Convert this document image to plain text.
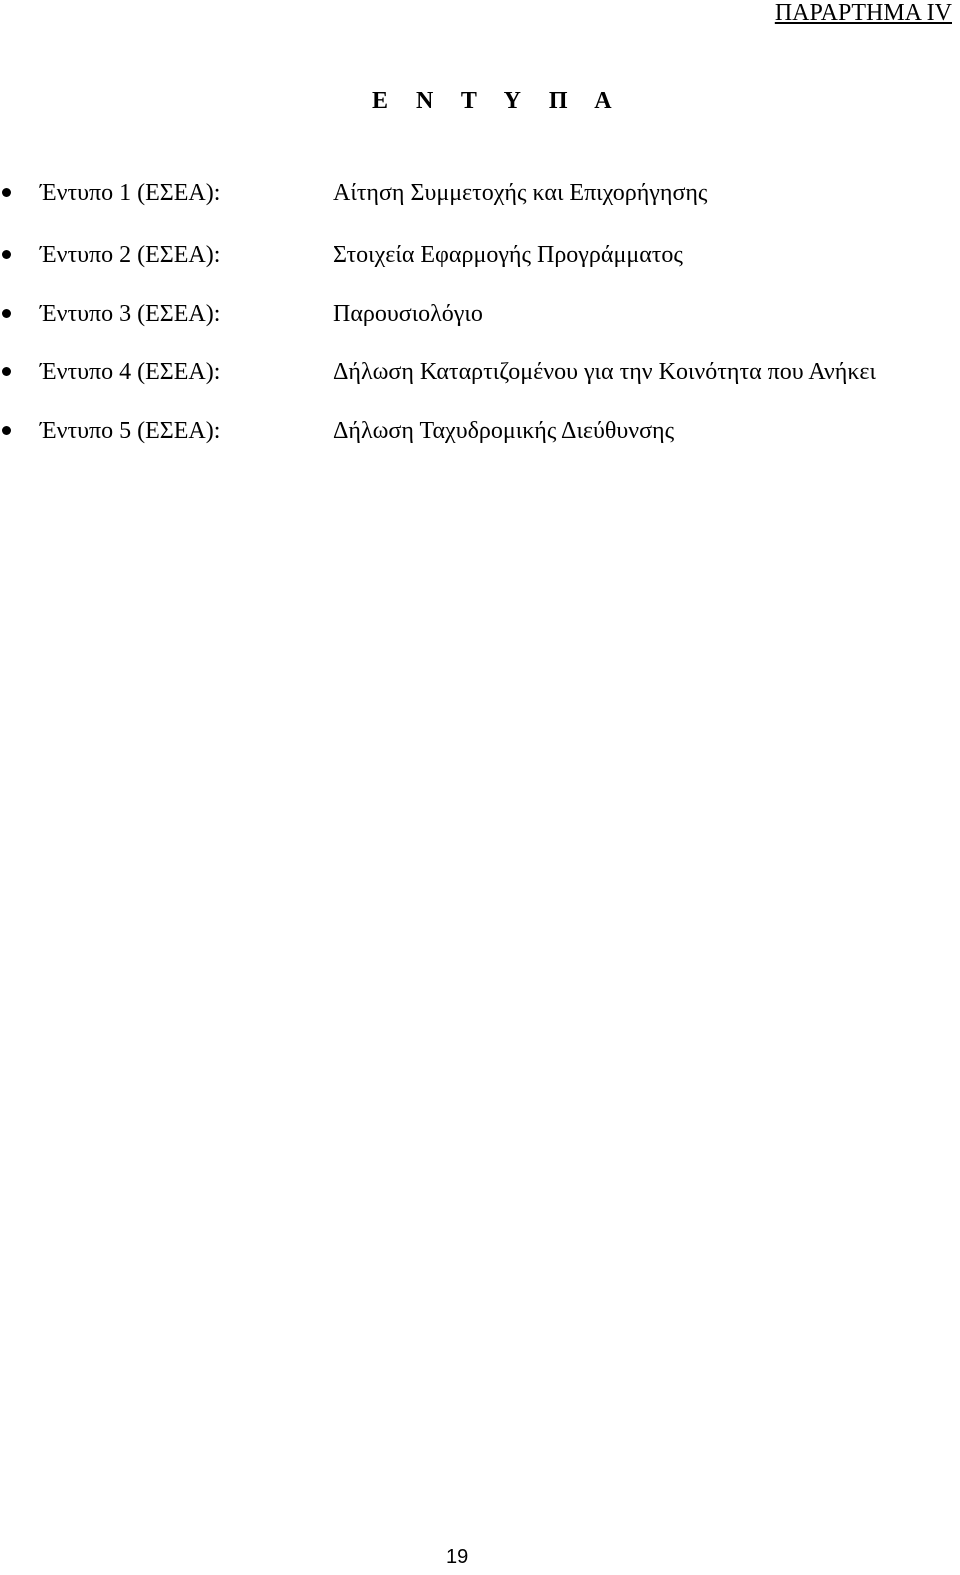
ΠΑΡΑΡΤΗΜΑ IV
Ε Ν Τ Υ Π Α
Έντυπο 1 (ΕΣΕΑ):	Αίτηση Συμμετοχής και Επιχορήγησης
Έντυπο 2 (ΕΣΕΑ):	Στοιχεία Εφαρμογής Προγράμματος
Έντυπο 3 (ΕΣΕΑ):	Παρουσιολόγιο
Έντυπο 4 (ΕΣΕΑ):	Δήλωση Καταρτιζομένου για την Κοινότητα που Ανήκει
Έντυπο 5 (ΕΣΕΑ):	Δήλωση Ταχυδρομικής Διεύθυνσης
19
